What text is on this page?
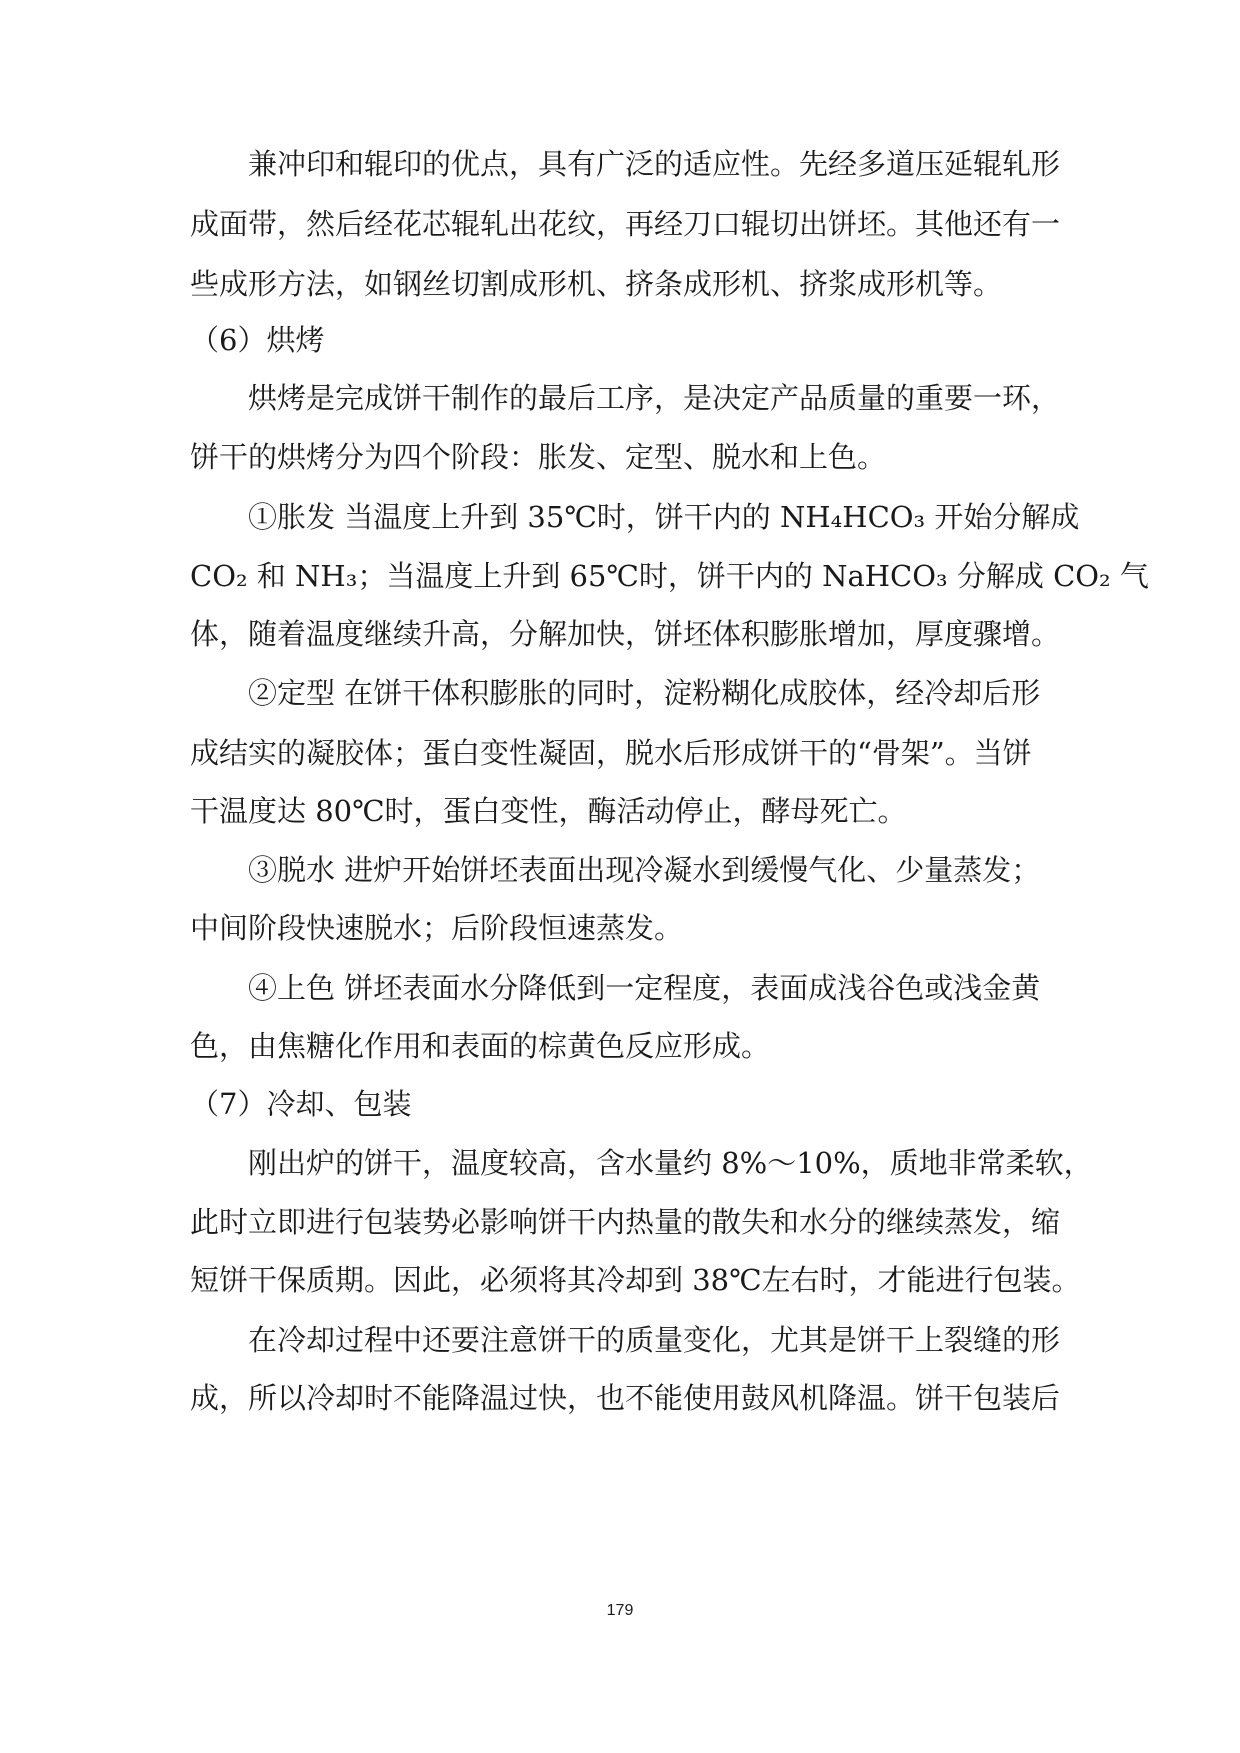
兼冲印和辊印的优点，具有广泛的适应性。先经多道压延辊轧形
成面带，然后经花芯辊轧出花纹，再经刀口辊切出饼坯。其他还有一
些成形方法，如钢丝切割成形机、挤条成形机、挤浆成形机等。
（6）烘烤
烘烤是完成饼干制作的最后工序，是决定产品质量的重要一环，
饼干的烘烤分为四个阶段：胀发、定型、脱水和上色。
①胀发 当温度上升到 35℃时，饼干内的 NH₄HCO₃ 开始分解成
CO₂ 和 NH₃；当温度上升到 65℃时，饼干内的 NaHCO₃ 分解成 CO₂ 气
体，随着温度继续升高，分解加快，饼坯体积膨胀增加，厚度骤增。
②定型 在饼干体积膨胀的同时，淀粉糊化成胶体，经冷却后形
成结实的凝胶体；蛋白变性凝固，脱水后形成饼干的“骨架”。当饼
干温度达 80℃时，蛋白变性，酶活动停止，酵母死亡。
③脱水 进炉开始饼坯表面出现冷凝水到缓慢气化、少量蒸发；
中间阶段快速脱水；后阶段恒速蒸发。
④上色 饼坯表面水分降低到一定程度，表面成浅谷色或浅金黄
色，由焦糖化作用和表面的棕黄色反应形成。
（7）冷却、包装
刚出炉的饼干，温度较高，含水量约 8%～10%，质地非常柔软，
此时立即进行包装势必影响饼干内热量的散失和水分的继续蒸发，缩
短饼干保质期。因此，必须将其冷却到 38℃左右时，才能进行包装。
在冷却过程中还要注意饼干的质量变化，尤其是饼干上裂缝的形
成，所以冷却时不能降温过快，也不能使用鼓风机降温。饼干包装后
179
